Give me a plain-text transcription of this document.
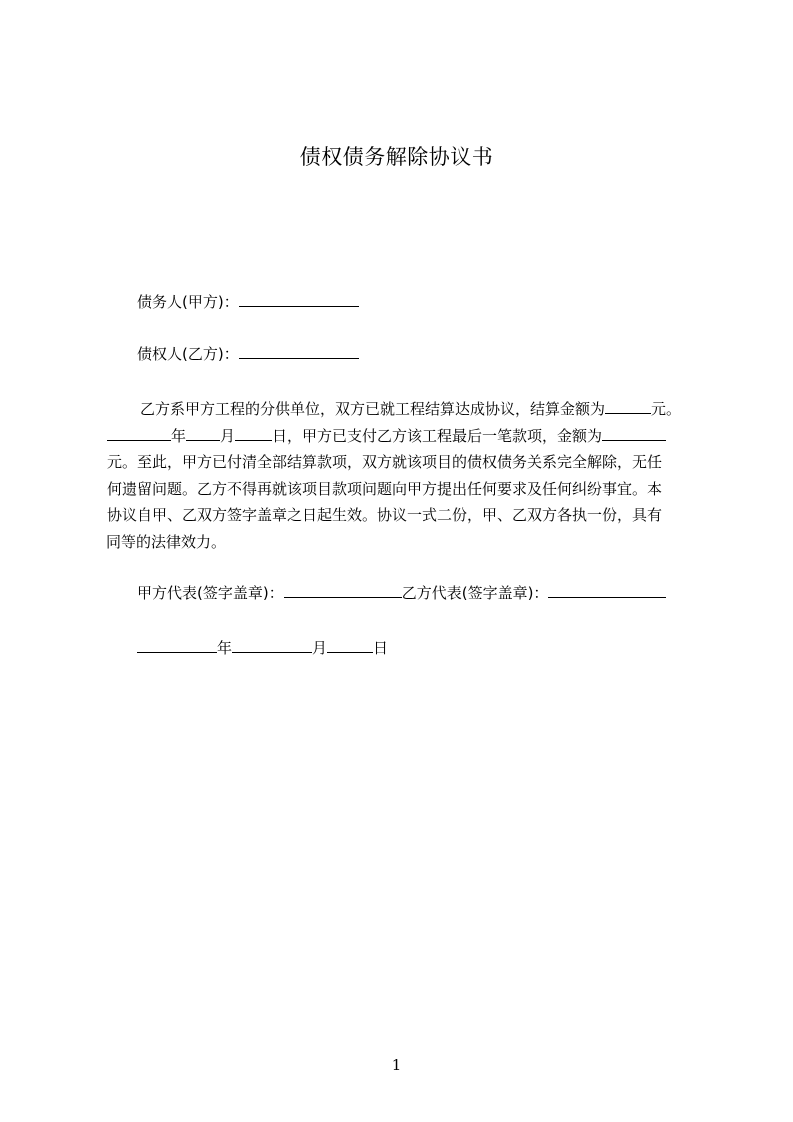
债权债务解除协议书
债务人(甲方)：
债权人(乙方)：
乙方系甲方工程的分供单位，双方已就工程结算达成协议，结算金额为	元。
年 月 日，甲方已支付乙方该工程最后一笔款项，金额为
元。至此，甲方已付清全部结算款项，双方就该项目的债权债务关系完全解除，无任
何遗留问题。乙方不得再就该项目款项问题向甲方提出任何要求及任何纠纷事宜。本
协议自甲、乙双方签字盖章之日起生效。协议一式二份，甲、乙双方各执一份，具有
同等的法律效力。
甲方代表(签字盖章)：	乙方代表(签字盖章)：
年	月	日
1
